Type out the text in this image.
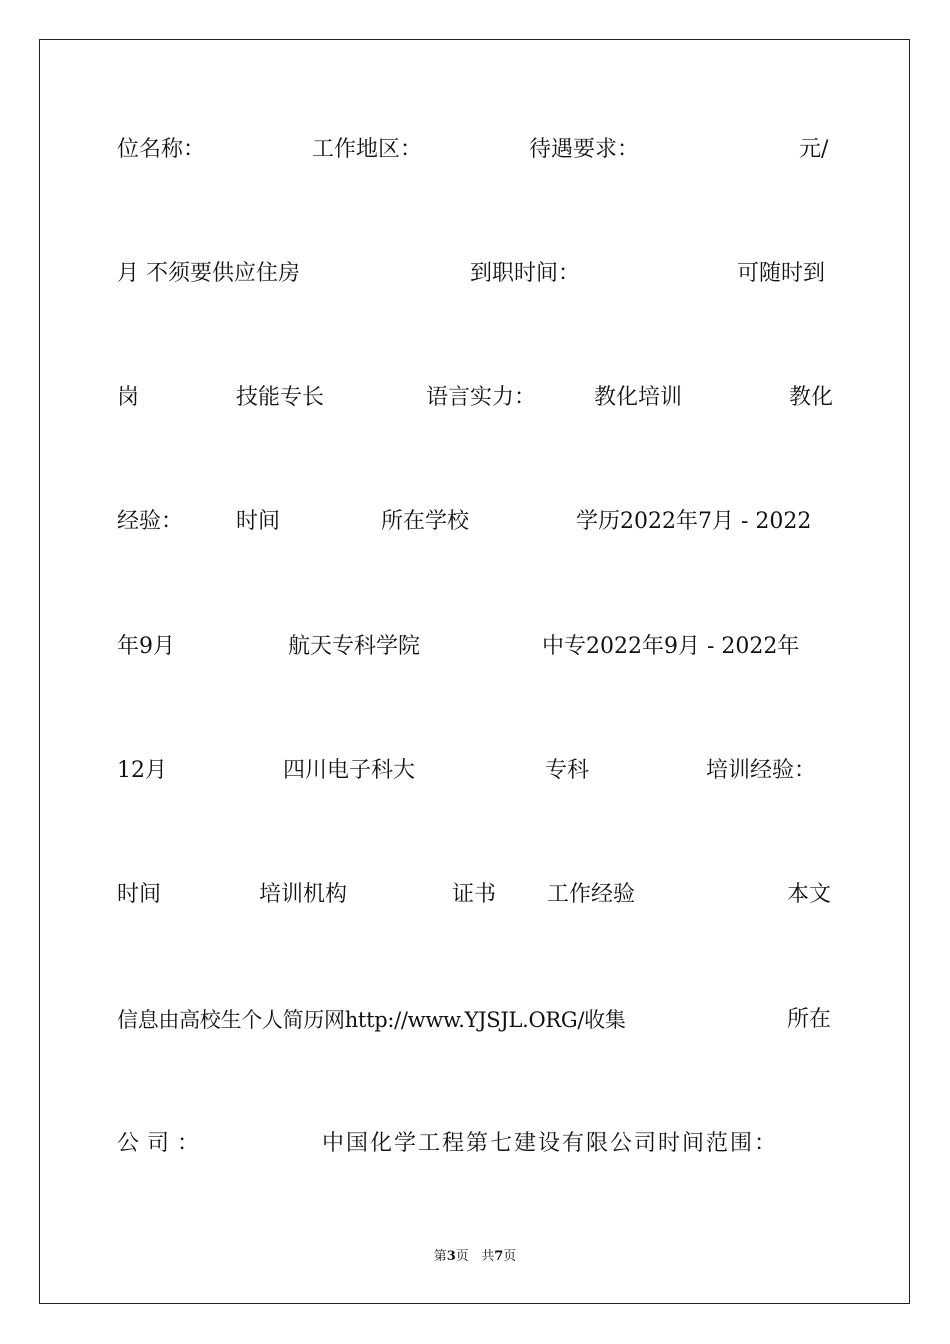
位名称：	工作地区：	待遇要求：	元/
月 不须要供应住房	到职时间：	可随时到
岗	技能专长	语言实力：	教化培训	教化
经验： 时间	所在学校	学历2022年7月 - 2022
年9月	航天专科学院	中专2022年9月 - 2022年
12月	四川电子科大	专科	培训经验：
时间	培训机构	证书 工作经验	本文
信息由高校生个人简历网http://www.YJSJL.ORG/收集	所在
公司：	中国化学工程第七建设有限公司时间范围：
第3页 共7页
